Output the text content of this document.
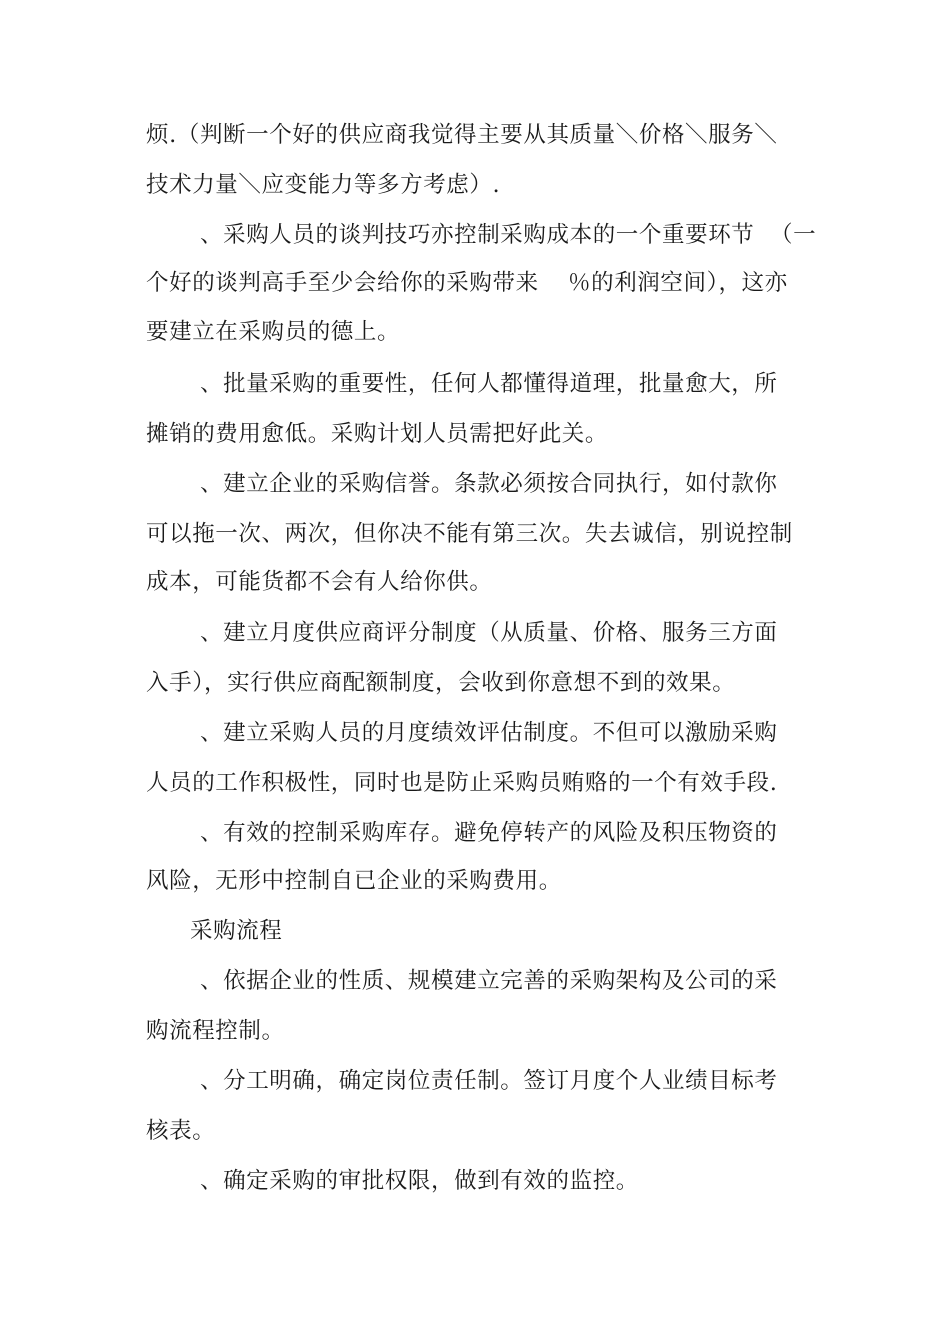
烦.（判断一个好的供应商我觉得主要从其质量＼价格＼服务＼
技术力量＼应变能力等多方考虑）.
、采购人员的谈判技巧亦控制采购成本的一个重要环节 （一
个好的谈判高手至少会给你的采购带来 ％的利润空间），这亦
要建立在采购员的德上。
、批量采购的重要性，任何人都懂得道理，批量愈大，所
摊销的费用愈低。采购计划人员需把好此关。
、建立企业的采购信誉。条款必须按合同执行，如付款你
可以拖一次、两次，但你决不能有第三次。失去诚信，别说控制
成本，可能货都不会有人给你供。
、建立月度供应商评分制度（从质量、价格、服务三方面
入手），实行供应商配额制度，会收到你意想不到的效果。
、建立采购人员的月度绩效评估制度。不但可以激励采购
人员的工作积极性，同时也是防止采购员贿赂的一个有效手段.
、有效的控制采购库存。避免停转产的风险及积压物资的
风险，无形中控制自已企业的采购费用。
采购流程
、依据企业的性质、规模建立完善的采购架构及公司的采
购流程控制。
、分工明确，确定岗位责任制。签订月度个人业绩目标考
核表。
、确定采购的审批权限，做到有效的监控。
